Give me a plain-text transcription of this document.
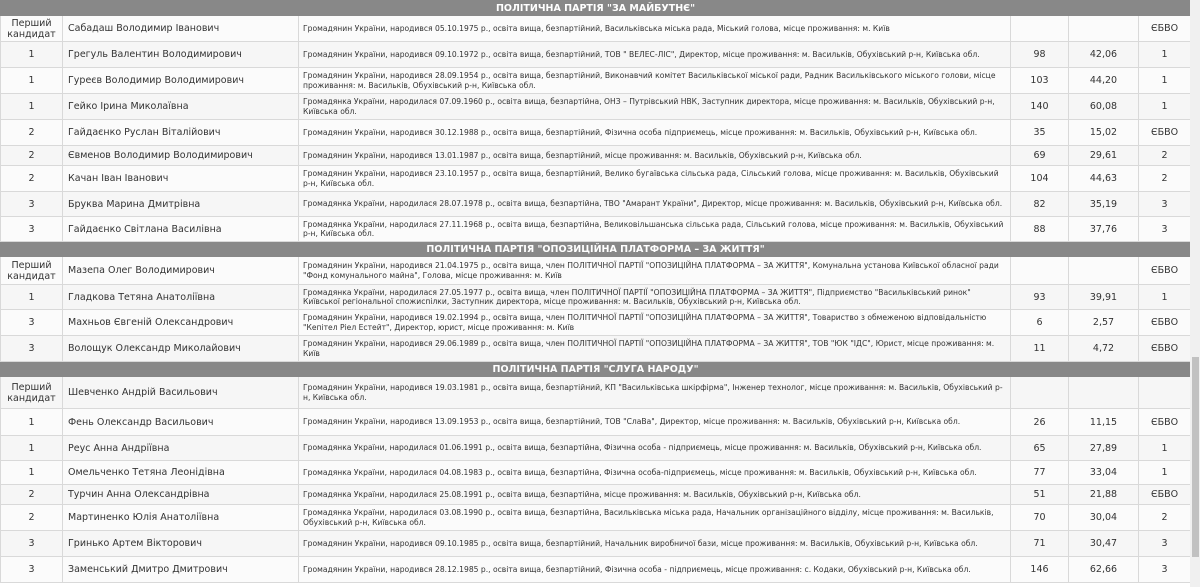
ПОЛІТИЧНА ПАРТІЯ "ЗА МАЙБУТНЄ"					
Перший кандидат	Сабадаш Володимир Іванович	Громадянин України, народився 05.10.1975 р., освіта вища, безпартійний, Васильківська міська рада, Міський голова, місце проживання: м. Київ			ЄБВО
1	Грегуль Валентин Володимирович	Громадянин України, народився 09.10.1972 р., освіта вища, безпартійний, ТОВ " ВЕЛЕС-ЛІС", Директор, місце проживання: м. Васильків, Обухівський р-н, Київська обл.	98	42,06	1
1	Гуреєв Володимир Володимирович	Громадянин України, народився 28.09.1954 р., освіта вища, безпартійний, Виконавчий комітет Васильківської міської ради, Радник Васильківського міського голови, місце проживання: м. Васильків, Обухівський р-н, Київська обл.	103	44,20	1
1	Гейко Ірина Миколаївна	Громадянка України, народилася 07.09.1960 р., освіта вища, безпартійна, ОНЗ – Путрівський НВК, Заступник директора, місце проживання: м. Васильків, Обухівський р-н, Київська обл.	140	60,08	1
2	Гайдаєнко Руслан Віталійович	Громадянин України, народився 30.12.1988 р., освіта вища, безпартійний, Фізична особа підприємець, місце проживання: м. Васильків, Обухівський р-н, Київська обл.	35	15,02	ЄБВО
2	Євменов Володимир Володимирович	Громадянин України, народився 13.01.1987 р., освіта вища, безпартійний, місце проживання: м. Васильків, Обухівський р-н, Київська обл.	69	29,61	2
2	Качан Іван Іванович	Громадянин України, народився 23.10.1957 р., освіта вища, безпартійний, Велико бугаївська сільська рада, Сільський голова, місце проживання: м. Васильків, Обухівський р-н, Київська обл.	104	44,63	2
3	Бруква Марина Дмитрівна	Громадянка України, народилася 28.07.1978 р., освіта вища, безпартійна, ТВО "Амарант України", Директор, місце проживання: м. Васильків, Обухівський р-н, Київська обл.	82	35,19	3
3	Гайдаєнко Світлана Василівна	Громадянка України, народилася 27.11.1968 р., освіта вища, безпартійна, Великовільшанська сільська рада, Сільський голова, місце проживання: м. Васильків, Обухівський р-н, Київська обл.	88	37,76	3
ПОЛІТИЧНА ПАРТІЯ "ОПОЗИЦІЙНА ПЛАТФОРМА – ЗА ЖИТТЯ"					
Перший кандидат	Мазепа Олег Володимирович	Громадянин України, народився 21.04.1975 р., освіта вища, член ПОЛІТИЧНОЇ ПАРТІЇ "ОПОЗИЦІЙНА ПЛАТФОРМА – ЗА ЖИТТЯ", Комунальна установа Київської обласної ради "Фонд комунального майна", Голова, місце проживання: м. Київ			ЄБВО
1	Гладкова Тетяна Анатоліївна	Громадянка України, народилася 27.05.1977 р., освіта вища, член ПОЛІТИЧНОЇ ПАРТІЇ "ОПОЗИЦІЙНА ПЛАТФОРМА – ЗА ЖИТТЯ", Підприємство "Васильківський ринок" Київської регіональної спожиспілки, Заступник директора, місце проживання: м. Васильків, Обухівський р-н, Київська обл.	93	39,91	1
3	Махньов Євгеній Олександрович	Громадянин України, народився 19.02.1994 р., освіта вища, член ПОЛІТИЧНОЇ ПАРТІЇ "ОПОЗИЦІЙНА ПЛАТФОРМА – ЗА ЖИТТЯ", Товариство з обмеженою відповідальністю "Кепітел Ріел Естейт", Директор, юрист, місце проживання: м. Київ	6	2,57	ЄБВО
3	Волощук Олександр Миколайович	Громадянин України, народився 29.06.1989 р., освіта вища, член ПОЛІТИЧНОЇ ПАРТІЇ "ОПОЗИЦІЙНА ПЛАТФОРМА – ЗА ЖИТТЯ", ТОВ "ЮК "ІДС", Юрист, місце проживання: м. Київ	11	4,72	ЄБВО
ПОЛІТИЧНА ПАРТІЯ "СЛУГА НАРОДУ"					
Перший кандидат	Шевченко Андрій Васильович	Громадянин України, народився 19.03.1981 р., освіта вища, безпартійний, КП "Васильківська шкірфірма", Інженер технолог, місце проживання: м. Васильків, Обухівський р-н, Київська обл.			
1	Фень Олександр Васильович	Громадянин України, народився 13.09.1953 р., освіта вища, безпартійний, ТОВ "СлаВа", Директор, місце проживання: м. Васильків, Обухівський р-н, Київська обл.	26	11,15	ЄБВО
1	Реус Анна Андріївна	Громадянка України, народилася 01.06.1991 р., освіта вища, безпартійна, Фізична особа - підприємець, місце проживання: м. Васильків, Обухівський р-н, Київська обл.	65	27,89	1
1	Омельченко Тетяна Леонідівна	Громадянка України, народилася 04.08.1983 р., освіта вища, безпартійна, Фізична особа-підприємець, місце проживання: м. Васильків, Обухівський р-н, Київська обл.	77	33,04	1
2	Турчин Анна Олександрівна	Громадянка України, народилася 25.08.1991 р., освіта вища, безпартійна, місце проживання: м. Васильків, Обухівський р-н, Київська обл.	51	21,88	ЄБВО
2	Мартиненко Юлія Анатоліївна	Громадянка України, народилася 03.08.1990 р., освіта вища, безпартійна, Васильківська міська рада, Начальник організаційного відділу, місце проживання: м. Васильків, Обухівський р-н, Київська обл.	70	30,04	2
3	Гринько Артем Вікторович	Громадянин України, народився 09.10.1985 р., освіта вища, безпартійний, Начальник виробничої бази, місце проживання: м. Васильків, Обухівський р-н, Київська обл.	71	30,47	3
3	Заменський Дмитро Дмитрович	Громадянин України, народився 28.12.1985 р., освіта вища, безпартійний, Фізична особа - підприємець, місце проживання: с. Кодаки, Обухівський р-н, Київська обл.	146	62,66	3
